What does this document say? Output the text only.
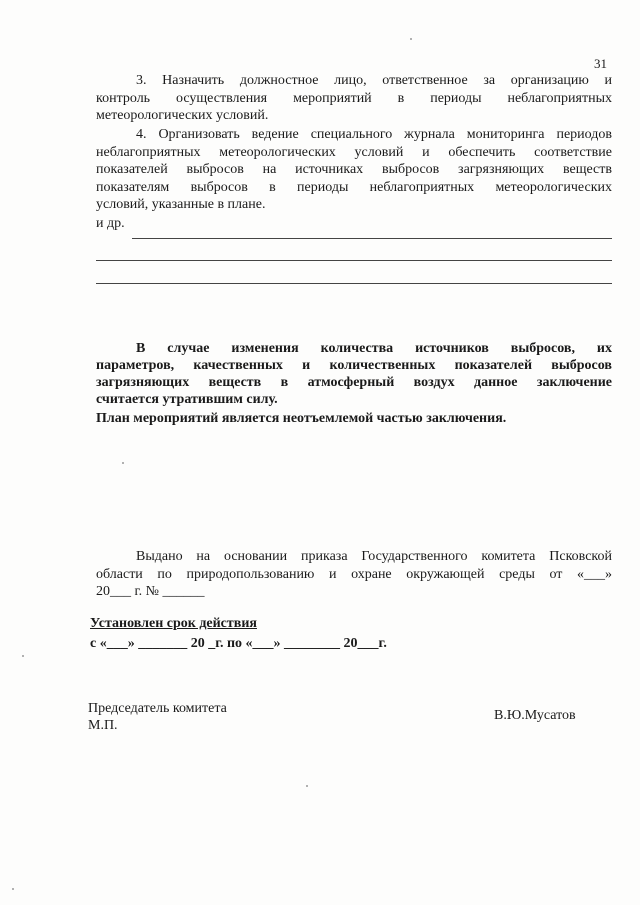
31
3. Назначить должностное лицо, ответственное за организацию и
контроль осуществления мероприятий в периоды неблагоприятных
метеорологических условий.
4. Организовать ведение специального журнала мониторинга периодов
неблагоприятных метеорологических условий и обеспечить соответствие
показателей выбросов на источниках выбросов загрязняющих веществ
показателям выбросов в периоды неблагоприятных метеорологических
условий, указанные в плане.
и др.
В случае изменения количества источников выбросов, их
параметров, качественных и количественных показателей выбросов
загрязняющих веществ в атмосферный воздух данное заключение
считается утратившим силу.
План мероприятий является неотъемлемой частью заключения.
Выдано на основании приказа Государственного комитета Псковской
области по природопользованию и охране окружающей среды от «___»
20___ г. № ______
Установлен срок действия
с «___» _______ 20 _г. по «___» ________ 20___г.
Председатель комитета
М.П.
В.Ю.Мусатов
